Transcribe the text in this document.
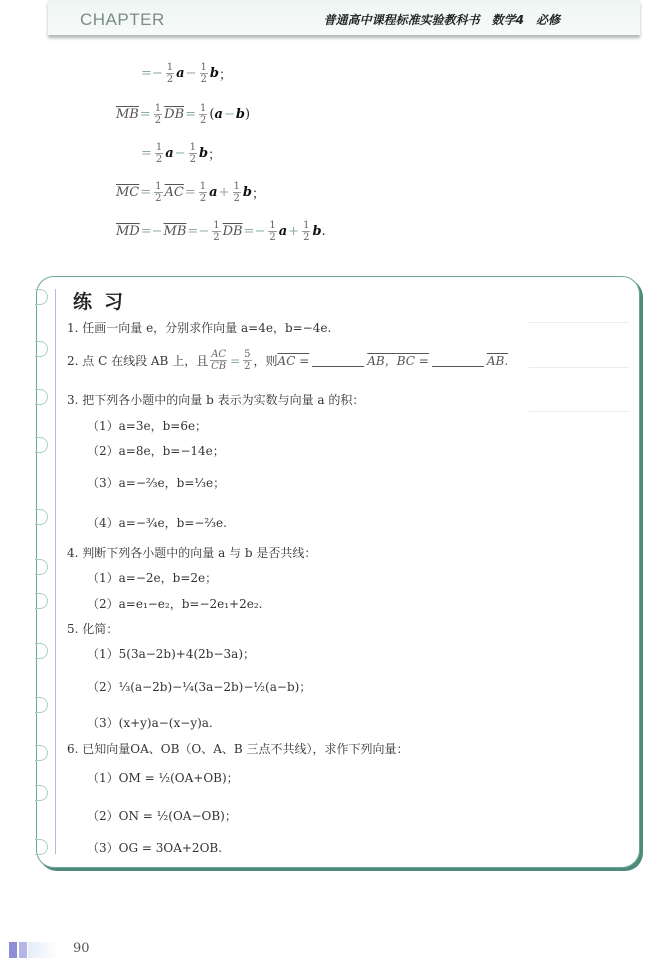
CHAPTER	普通高中课程标准实验教科书　数学4　必修
=− $\frac{1}{2}$ $a - \frac{1}{2}$ b ；
$\overline{MB} = \frac{1}{2} \overline{DB} = \frac{1}{2}$ ( a − b )
= $\frac{1}{2}$ $a - \frac{1}{2}$ b ；
$\overline{MC} = \frac{1}{2} \overline{AC} = \frac{1}{2}$ $a + \frac{1}{2}$ b ；
$\overline{MD} =- \overline{MB} =- \frac{1}{2} \overline{DB} =- \frac{1}{2}$ $a + \frac{1}{2}$ b .
练习
1. 任画一向量 e，分别求作向量 a=4e，b=−4e.
2. 点 C 在线段 AB 上，且 $\frac{AC}{CB} = \frac{5}{2}$ ，则 AC =	AB， BC =	AB.
3. 把下列各小题中的向量 b 表示为实数与向量 a 的积：
（1）a=3e，b=6e；
（2）a=8e，b=−14e；
（3）a=−⅔e，b=⅓e；
（4）a=−¾e，b=−⅔e.
4. 判断下列各小题中的向量 a 与 b 是否共线：
（1）a=−2e，b=2e；
（2）a=e₁−e₂，b=−2e₁+2e₂.
5. 化简：
（1）5(3a−2b)+4(2b−3a)；
（2）⅓(a−2b)−¼(3a−2b)−½(a−b)；
（3）(x+y)a−(x−y)a.
6. 已知向量OA、OB（O、A、B 三点不共线），求作下列向量：
（1）OM = ½(OA+OB)；
（2）ON = ½(OA−OB)；
（3）OG = 3OA+2OB.
90
